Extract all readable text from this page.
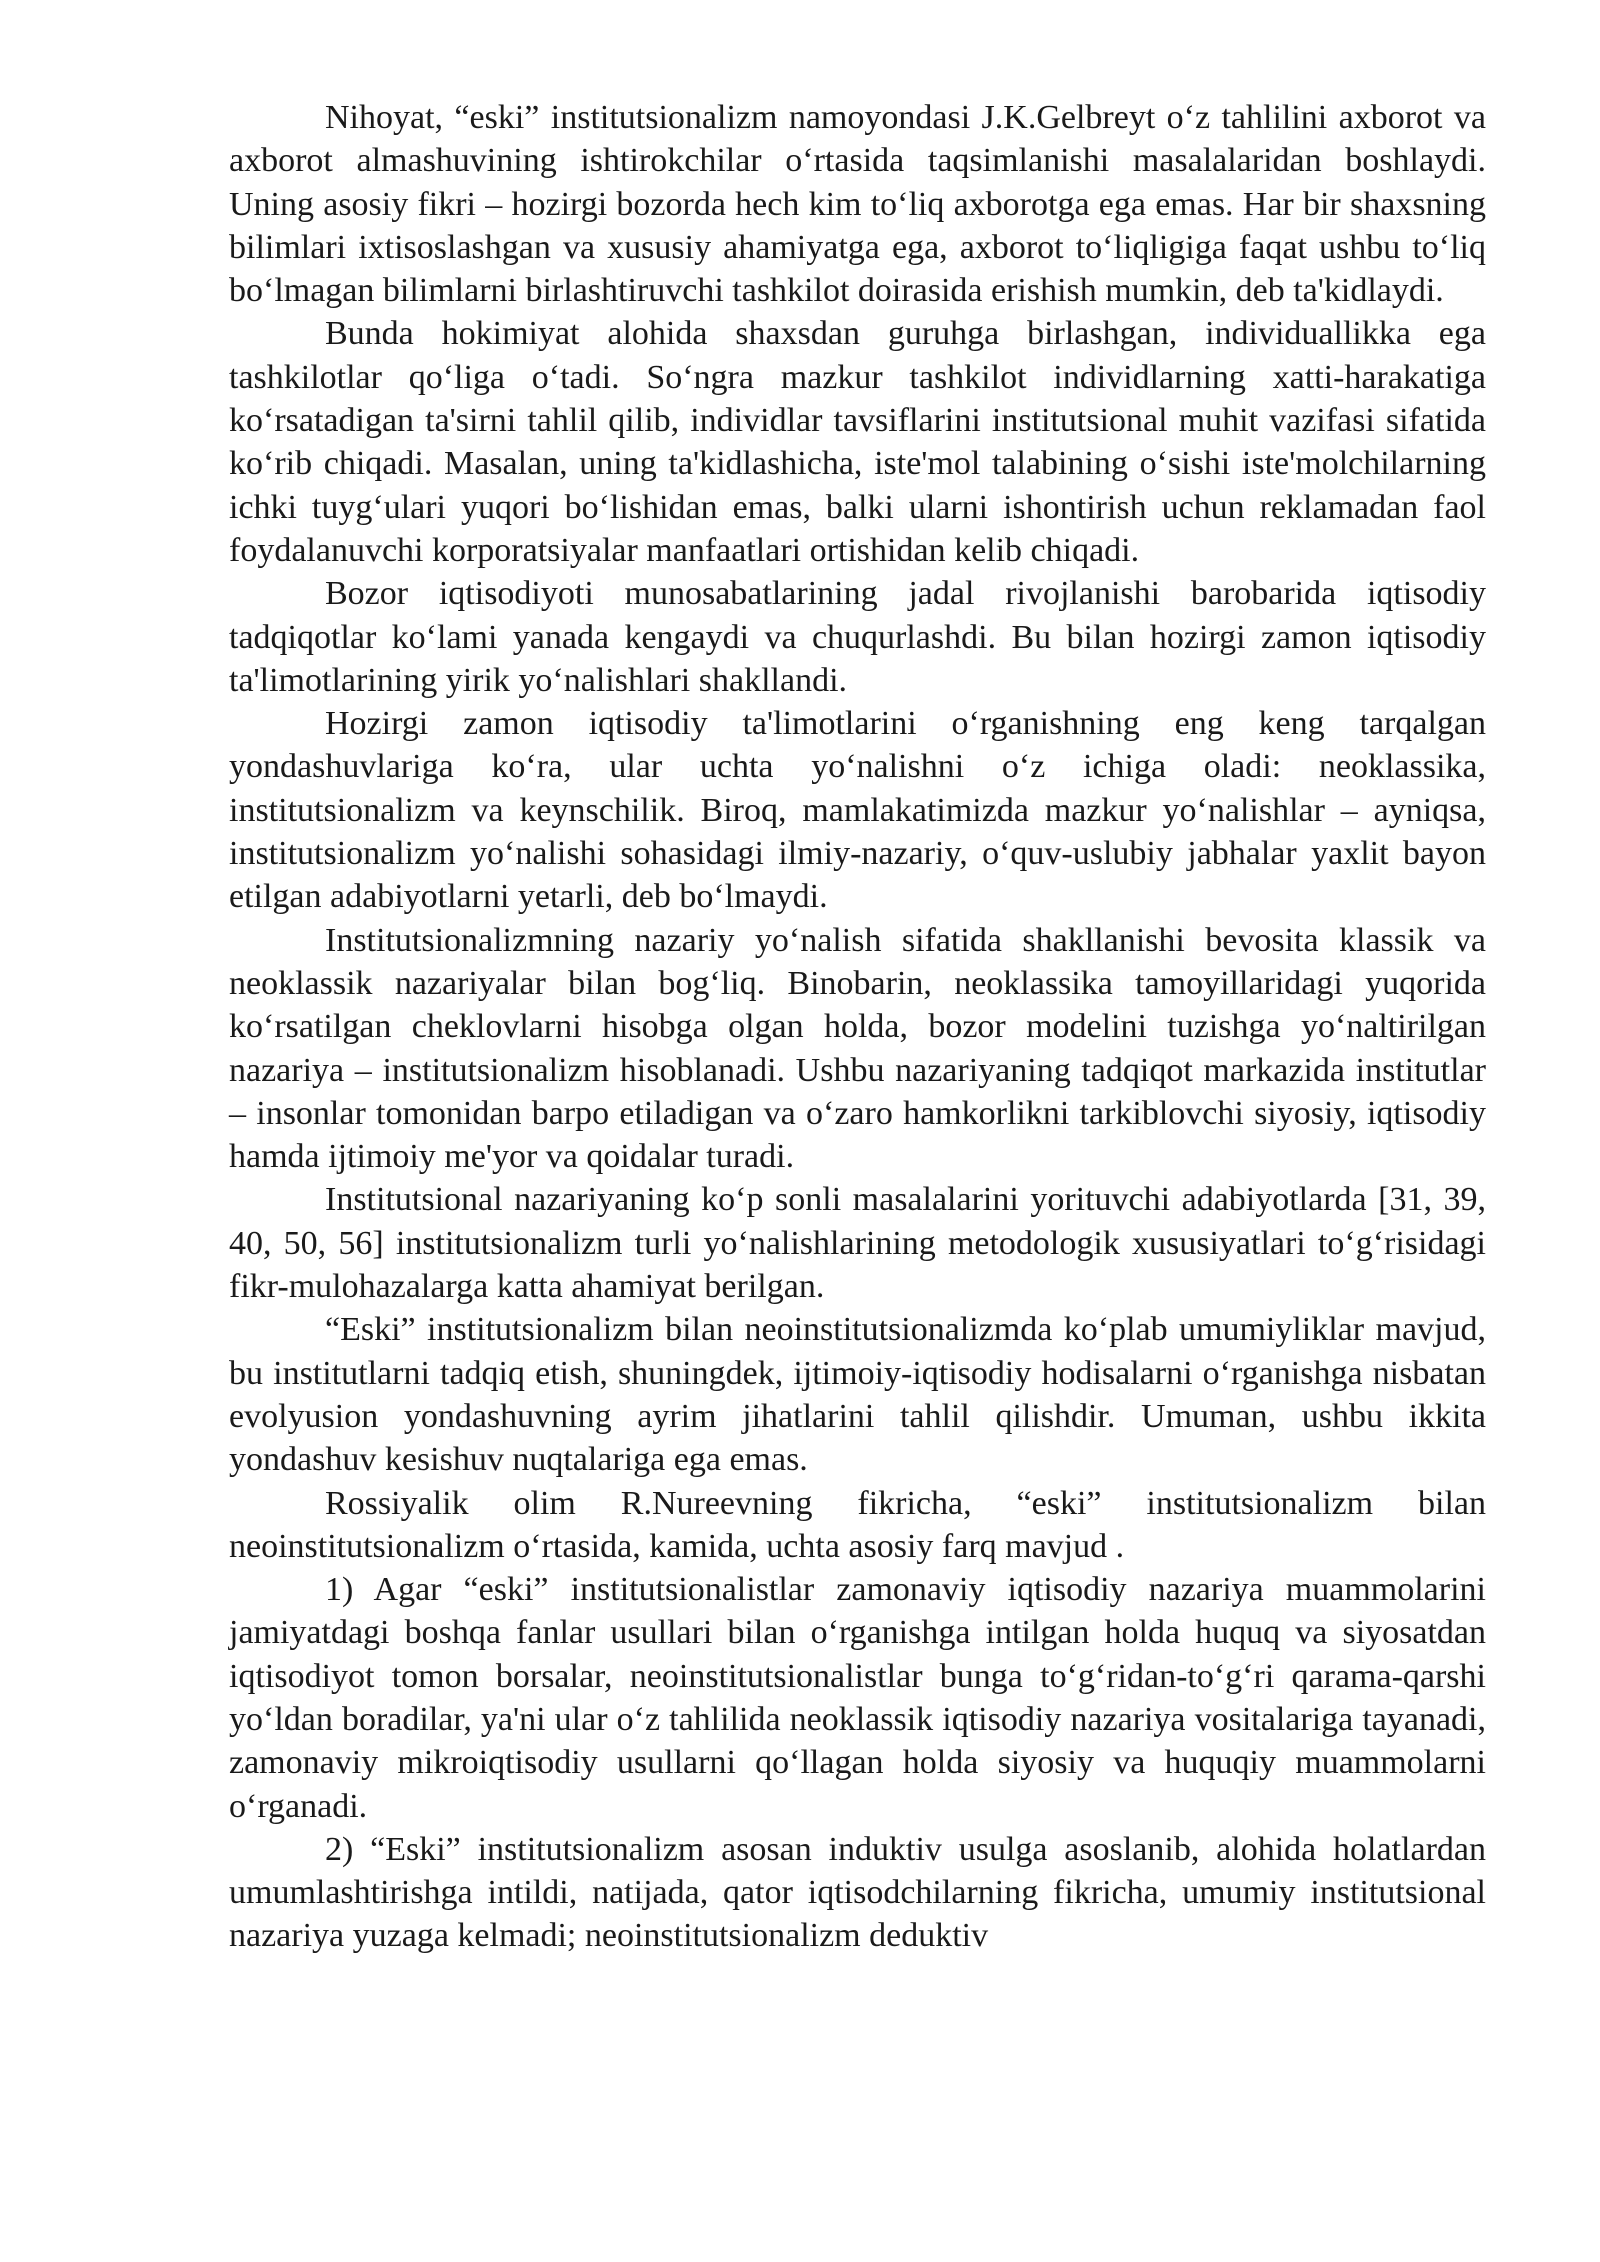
Nihoyat, “eski” institutsionalizm namoyondasi J.K.Gelbreyt o‘z tahlilini axborot va axborot almashuvining ishtirokchilar o‘rtasida taqsimlanishi masalalaridan boshlaydi. Uning asosiy fikri – hozirgi bozorda hech kim to‘liq axborotga ega emas. Har bir shaxsning bilimlari ixtisoslashgan va xususiy ahamiyatga ega, axborot to‘liqligiga faqat ushbu to‘liq bo‘lmagan bilimlarni birlashtiruvchi tashkilot doirasida erishish mumkin, deb ta'kidlaydi.

Bunda hokimiyat alohida shaxsdan guruhga birlashgan, individuallikka ega tashkilotlar qo‘liga o‘tadi. So‘ngra mazkur tashkilot individlarning xatti-harakatiga ko‘rsatadigan ta'sirni tahlil qilib, individlar tavsiflarini institutsional muhit vazifasi sifatida ko‘rib chiqadi. Masalan, uning ta'kidlashicha, iste'mol talabining o‘sishi iste'molchilarning ichki tuyg‘ulari yuqori bo‘lishidan emas, balki ularni ishontirish uchun reklamadan faol foydalanuvchi korporatsiyalar manfaatlari ortishidan kelib chiqadi.

Bozor iqtisodiyoti munosabatlarining jadal rivojlanishi barobarida iqtisodiy tadqiqotlar ko‘lami yanada kengaydi va chuqurlashdi. Bu bilan hozirgi zamon iqtisodiy ta'limotlarining yirik yo‘nalishlari shakllandi.

Hozirgi zamon iqtisodiy ta'limotlarini o‘rganishning eng keng tarqalgan yondashuvlariga ko‘ra, ular uchta yo‘nalishni o‘z ichiga oladi: neoklassika, institutsionalizm va keynschilik. Biroq, mamlakatimizda mazkur yo‘nalishlar – ayniqsa, institutsionalizm yo‘nalishi sohasidagi ilmiy-nazariy, o‘quv-uslubiy jabhalar yaxlit bayon etilgan adabiyotlarni yetarli, deb bo‘lmaydi.

Institutsionalizmning nazariy yo‘nalish sifatida shakllanishi bevosita klassik va neoklassik nazariyalar bilan bog‘liq. Binobarin, neoklassika tamoyillaridagi yuqorida ko‘rsatilgan cheklovlarni hisobga olgan holda, bozor modelini tuzishga yo‘naltirilgan nazariya – institutsionalizm hisoblanadi. Ushbu nazariyaning tadqiqot markazida institutlar – insonlar tomonidan barpo etiladigan va o‘zaro hamkorlikni tarkiblovchi siyosiy, iqtisodiy hamda ijtimoiy me'yor va qoidalar turadi.

Institutsional nazariyaning ko‘p sonli masalalarini yorituvchi adabiyotlarda [31, 39, 40, 50, 56] institutsionalizm turli yo‘nalishlarining metodologik xususiyatlari to‘g‘risidagi fikr-mulohazalarga katta ahamiyat berilgan.

“Eski” institutsionalizm bilan neoinstitutsionalizmda ko‘plab umumiyliklar mavjud, bu institutlarni tadqiq etish, shuningdek, ijtimoiy-iqtisodiy hodisalarni o‘rganishga nisbatan evolyusion yondashuvning ayrim jihatlarini tahlil qilishdir. Umuman, ushbu ikkita yondashuv kesishuv nuqtalariga ega emas.

Rossiyalik olim R.Nureevning fikricha, “eski” institutsionalizm bilan neoinstitutsionalizm o‘rtasida, kamida, uchta asosiy farq mavjud .

1) Agar “eski” institutsionalistlar zamonaviy iqtisodiy nazariya muammolarini jamiyatdagi boshqa fanlar usullari bilan o‘rganishga intilgan holda huquq va siyosatdan iqtisodiyot tomon borsalar, neoinstitutsionalistlar bunga to‘g‘ridan-to‘g‘ri qarama-qarshi yo‘ldan boradilar, ya'ni ular o‘z tahlilida neoklassik iqtisodiy nazariya vositalariga tayanadi, zamonaviy mikroiqtisodiy usullarni qo‘llagan holda siyosiy va huquqiy muammolarni o‘rganadi.

2) “Eski” institutsionalizm asosan induktiv usulga asoslanib, alohida holatlardan umumlashtirishga intildi, natijada, qator iqtisodchilarning fikricha, umumiy institutsional nazariya yuzaga kelmadi; neoinstitutsionalizm deduktiv
